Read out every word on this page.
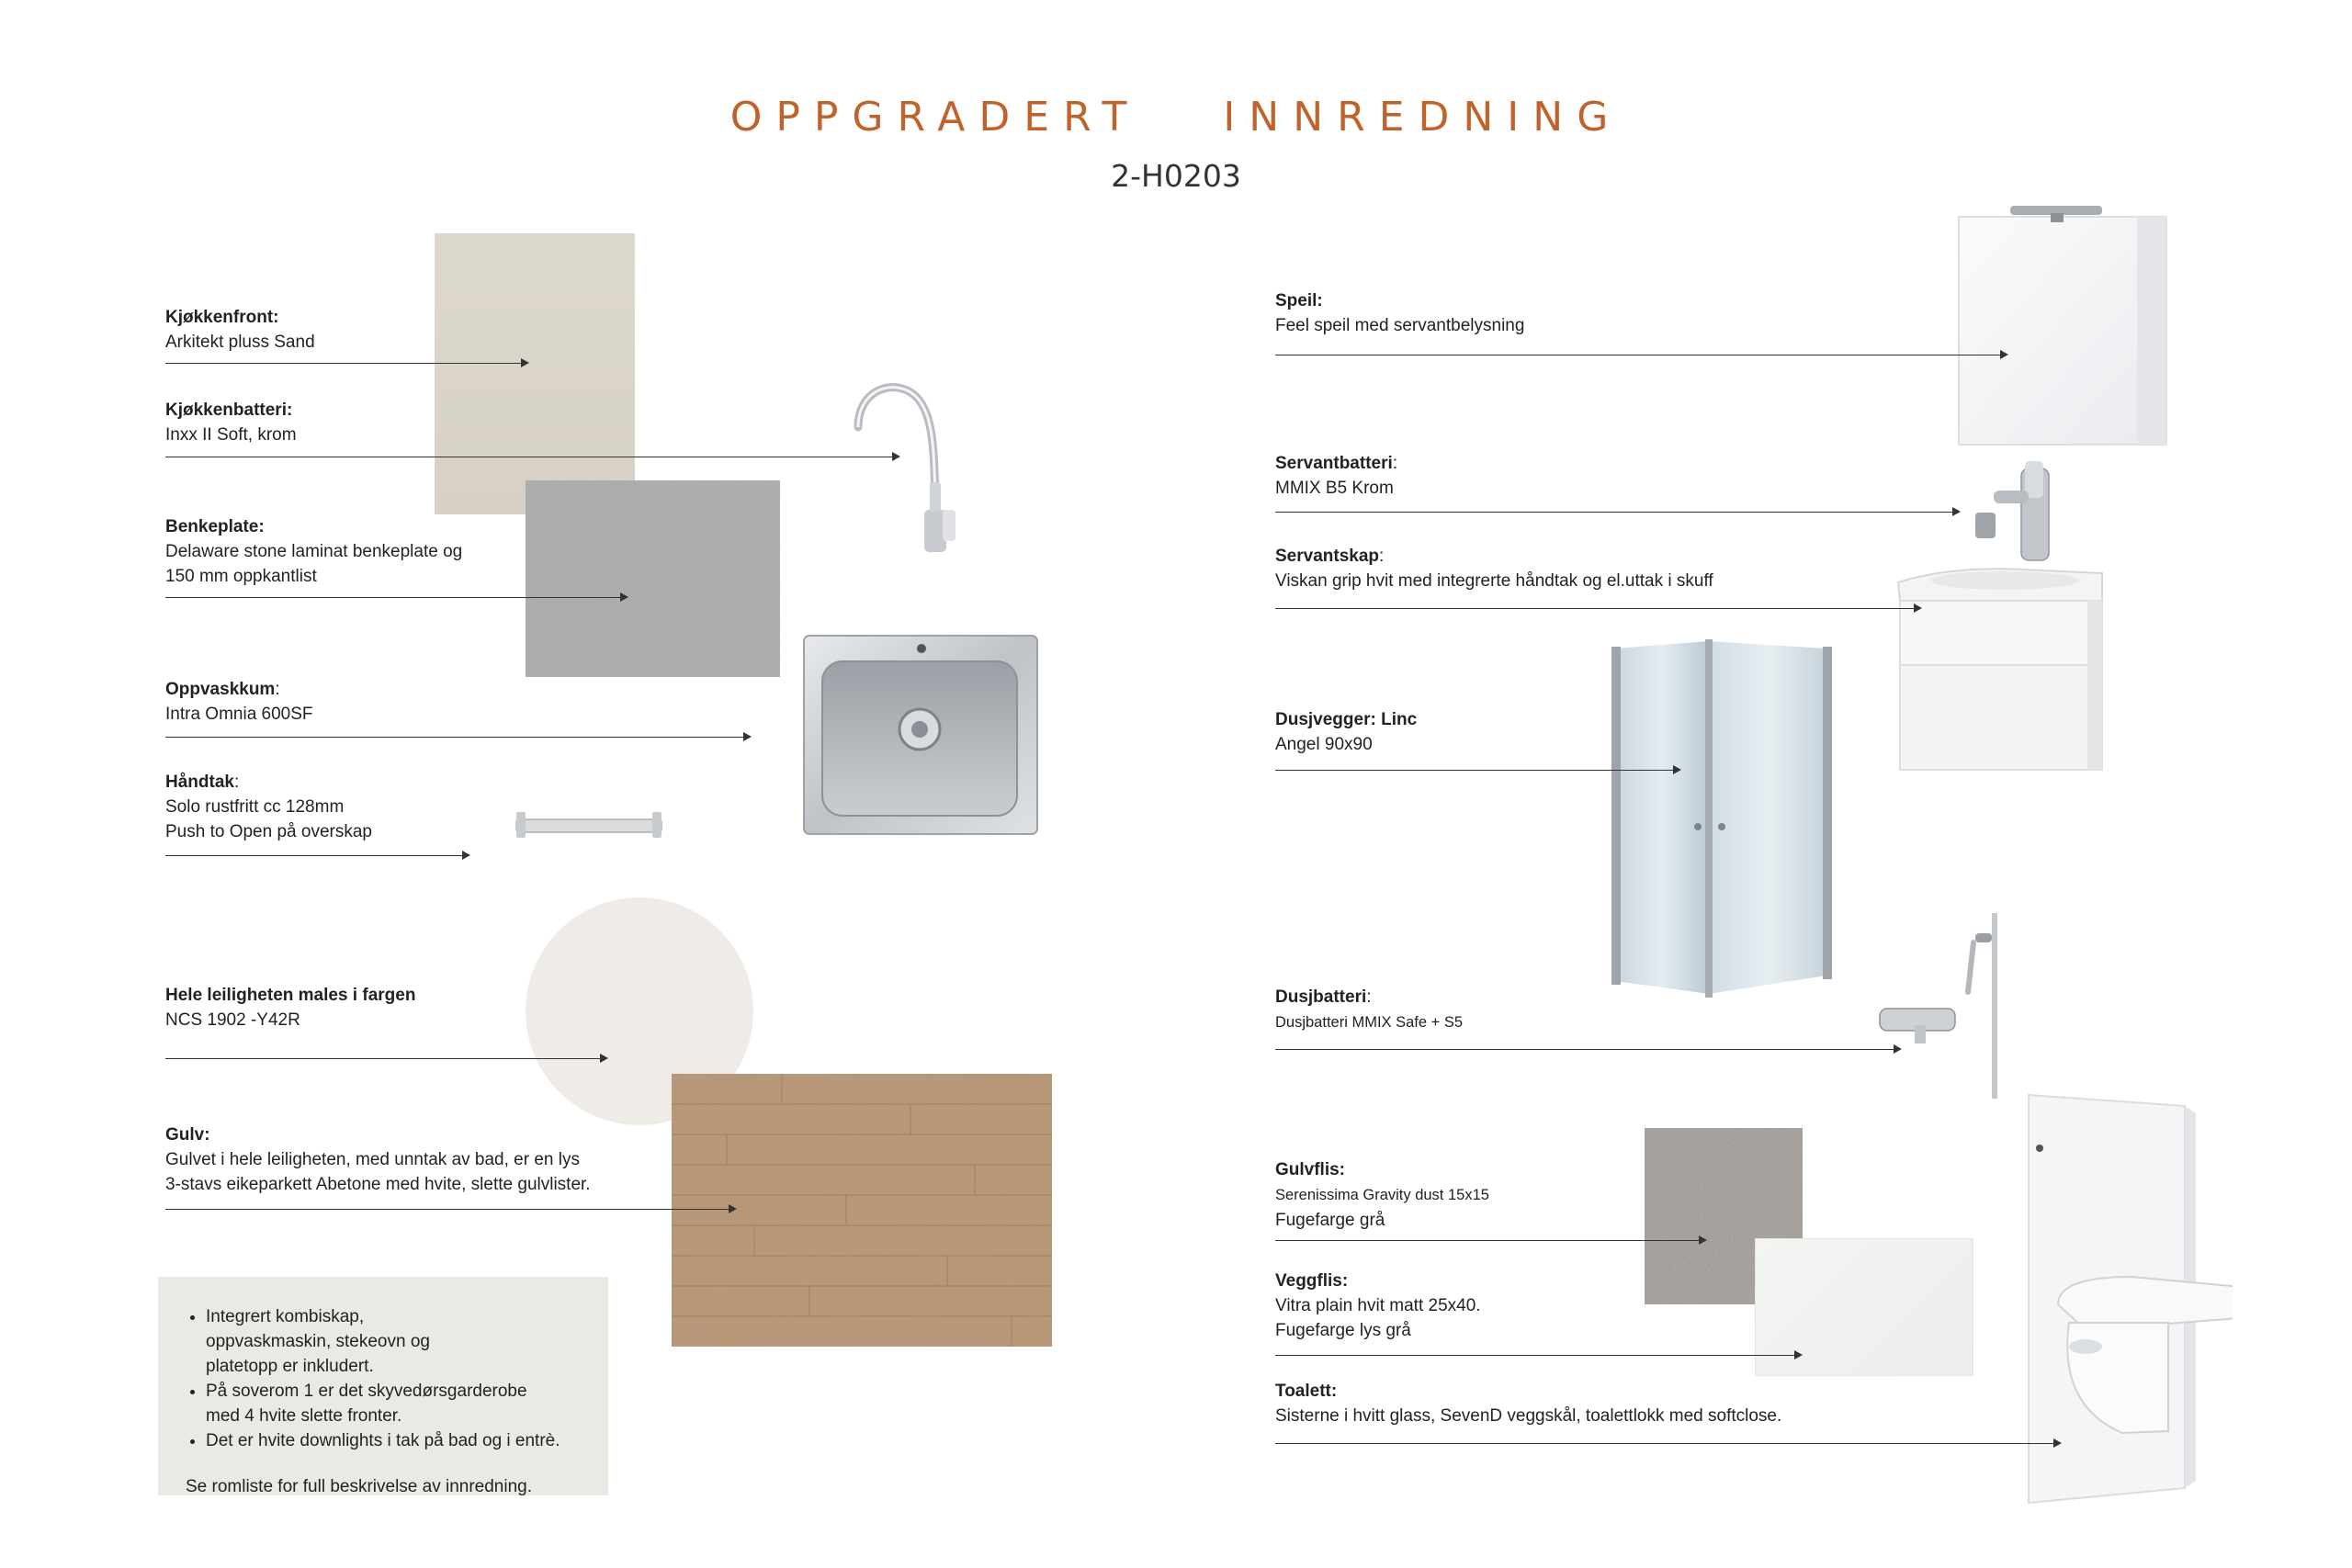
OPPGRADERT INNREDNING
2-H0203
Kjøkkenfront:
Arkitekt pluss Sand
Kjøkkenbatteri:
Inxx II Soft, krom
Benkeplate:
Delaware stone laminat benkeplate og
150 mm oppkantlist
Oppvaskkum:
Intra Omnia 600SF
Håndtak:
Solo rustfritt cc 128mm
Push to Open på overskap
Hele leiligheten males i fargen
NCS 1902 -Y42R
Gulv:
Gulvet i hele leiligheten, med unntak av bad, er en lys
3-stavs eikeparkett Abetone med hvite, slette gulvlister.
• Integrert kombiskap,
oppvaskmaskin, stekeovn og
platetopp er inkludert.
• På soverom 1 er det skyvedørsgarderobe
med 4 hvite slette fronter.
• Det er hvite downlights i tak på bad og i entrè.

Se romliste for full beskrivelse av innredning.

Speil:
Feel speil med servantbelysning
Servantbatteri:
MMIX B5 Krom
Servantskap:
Viskan grip hvit med integrerte håndtak og el.uttak i skuff
Dusjvegger: Linc
Angel 90x90
Dusjbatteri:
Dusjbatteri MMIX Safe + S5
Gulvflis:
Serenissima Gravity dust 15x15
Fugefarge grå
Veggflis:
Vitra plain hvit matt 25x40.
Fugefarge lys grå
Toalett:
Sisterne i hvitt glass, SevenD veggskål, toalettlokk med softclose.
